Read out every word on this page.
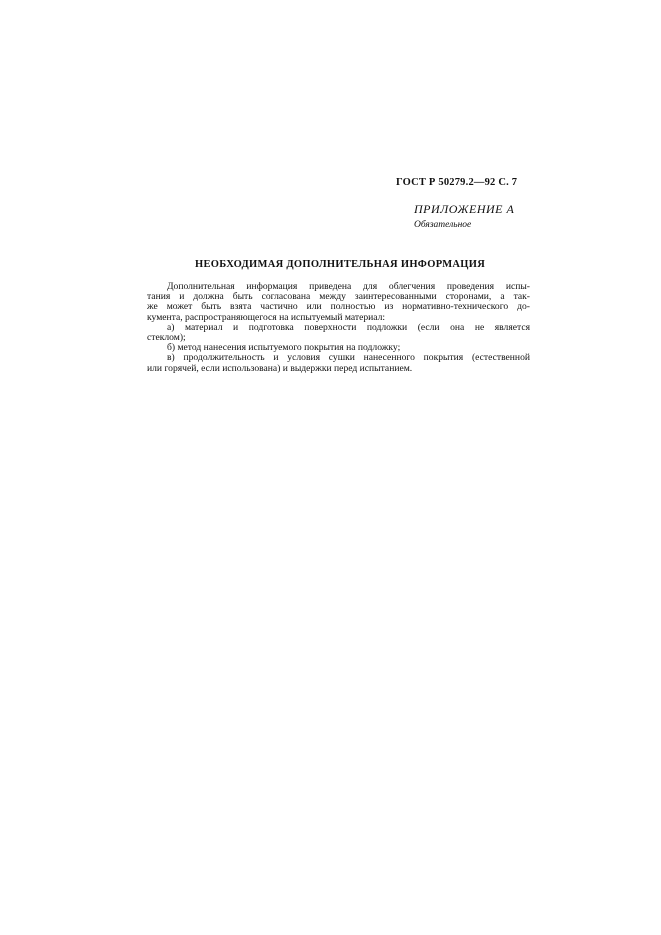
ГОСТ Р 50279.2—92 С. 7
ПРИЛОЖЕНИЕ А
Обязательное
НЕОБХОДИМАЯ ДОПОЛНИТЕЛЬНАЯ ИНФОРМАЦИЯ
Дополнительная информация приведена для облегчения проведения испы-
тания и должна быть согласована между заинтересованными сторонами, а так-
же может быть взята частично или полностью из нормативно-технического до-
кумента, распространяющегося на испытуемый материал:
а) материал и подготовка поверхности подложки (если она не является
стеклом);
б) метод нанесения испытуемого покрытия на подложку;
в) продолжительность и условия сушки нанесенного покрытия (естественной
или горячей, если использована) и выдержки перед испытанием.
